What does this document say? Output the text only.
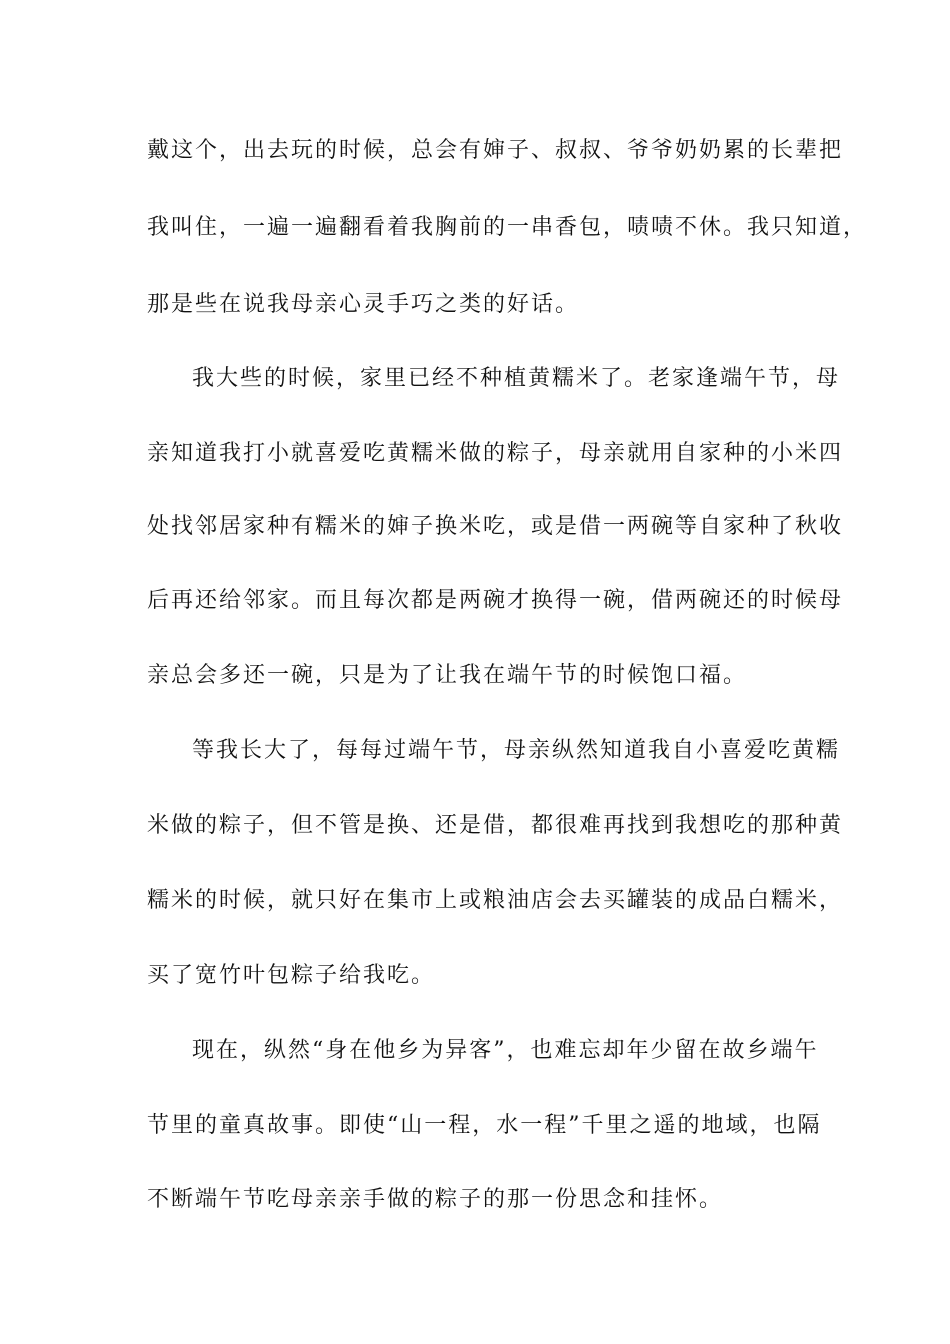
戴这个，出去玩的时候，总会有婶子、叔叔、爷爷奶奶累的长辈把
我叫住，一遍一遍翻看着我胸前的一串香包，啧啧不休。我只知道，
那是些在说我母亲心灵手巧之类的好话。
我大些的时候，家里已经不种植黄糯米了。老家逢端午节，母
亲知道我打小就喜爱吃黄糯米做的粽子，母亲就用自家种的小米四
处找邻居家种有糯米的婶子换米吃，或是借一两碗等自家种了秋收
后再还给邻家。而且每次都是两碗才换得一碗，借两碗还的时候母
亲总会多还一碗，只是为了让我在端午节的时候饱口福。
等我长大了，每每过端午节，母亲纵然知道我自小喜爱吃黄糯
米做的粽子，但不管是换、还是借，都很难再找到我想吃的那种黄
糯米的时候，就只好在集市上或粮油店会去买罐装的成品白糯米，
买了宽竹叶包粽子给我吃。
现在，纵然“身在他乡为异客”，也难忘却年少留在故乡端午
节里的童真故事。即使“山一程，水一程”千里之遥的地域，也隔
不断端午节吃母亲亲手做的粽子的那一份思念和挂怀。
